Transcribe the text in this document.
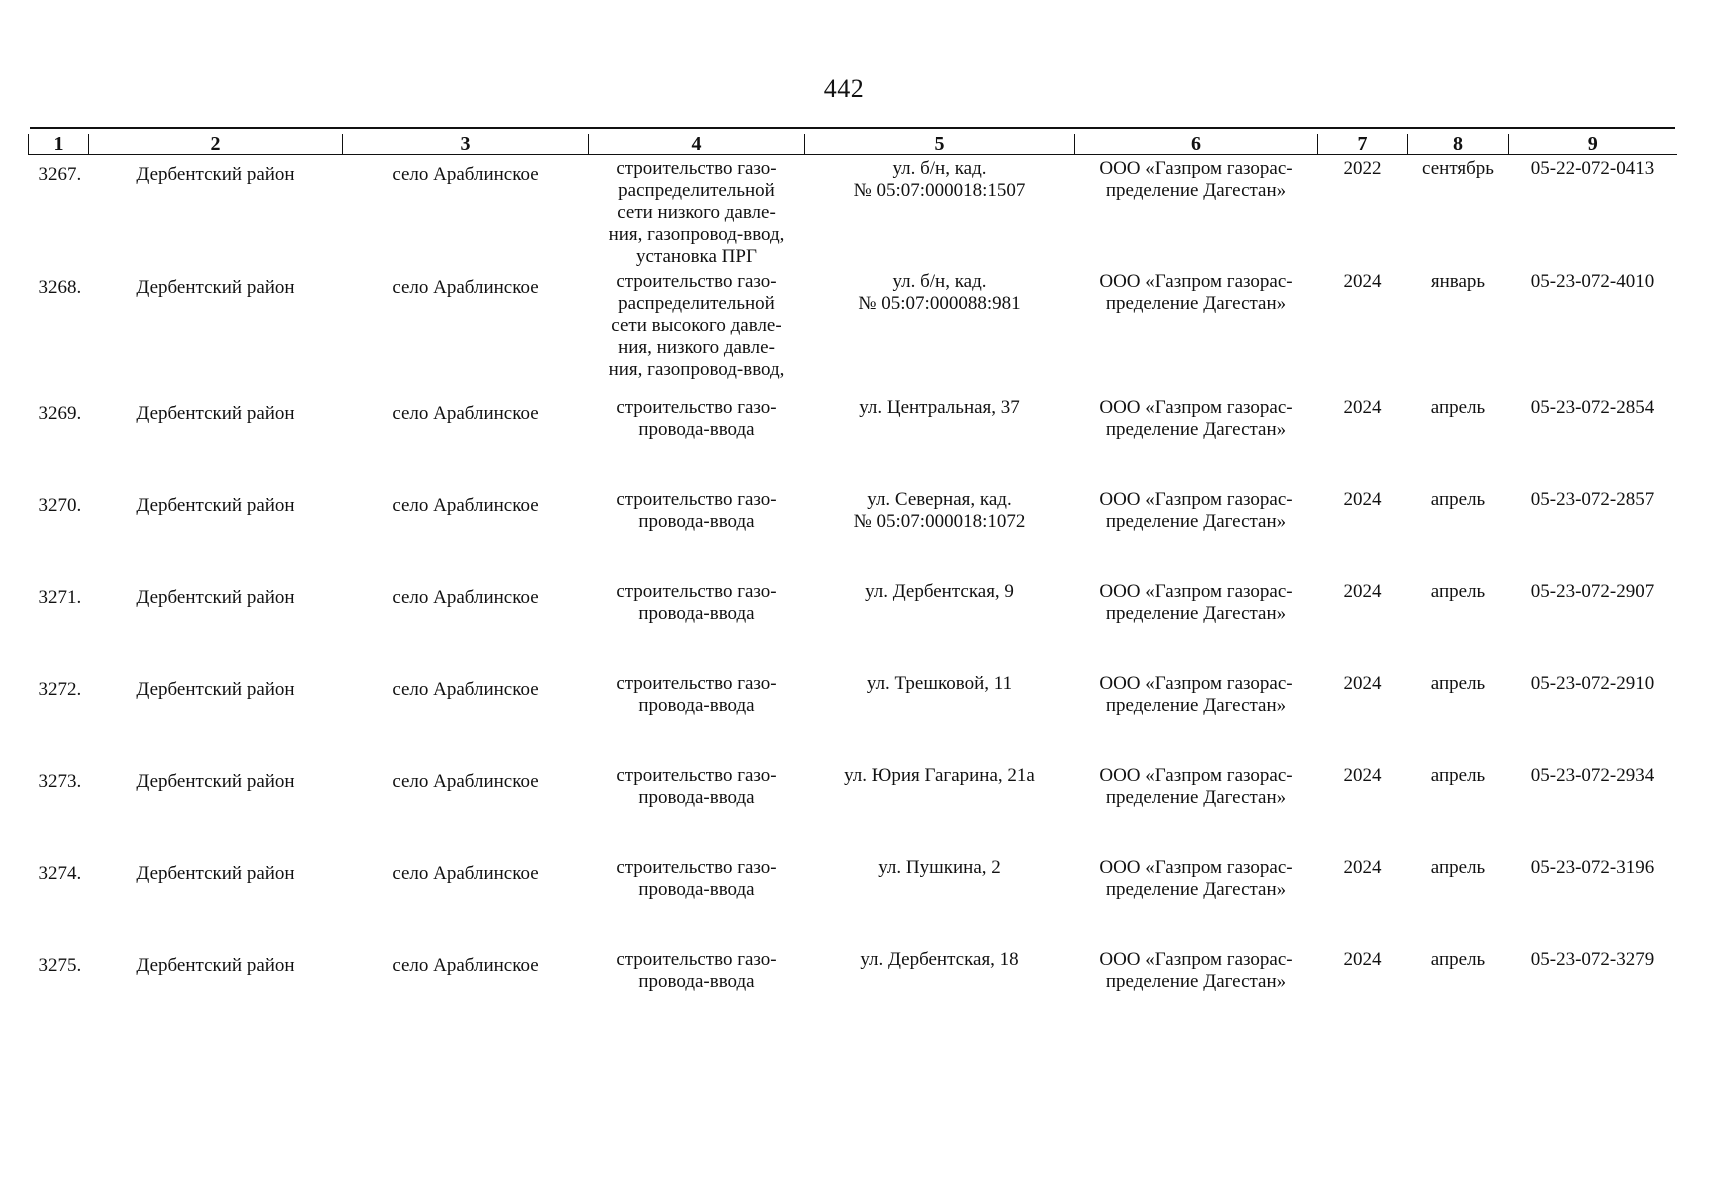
442
1	2	3	4	5	6	7	8	9

3267.	Дербентский район	село Араблинское	строительство газо-
распределительной
сети низкого давле-
ния, газопровод-ввод,
установка ПРГ	ул. б/н, кад.
№ 05:07:000018:1507	ООО «Газпром газорас-
пределение Дагестан»	2022	сентябрь	05-22-072-0413

3268.	Дербентский район	село Араблинское	строительство газо-
распределительной
сети высокого давле-
ния, низкого давле-
ния, газопровод-ввод,	ул. б/н, кад.
№ 05:07:000088:981	ООО «Газпром газорас-
пределение Дагестан»	2024	январь	05-23-072-4010

3269.	Дербентский район	село Араблинское	строительство газо-
провода-ввода	ул. Центральная, 37	ООО «Газпром газорас-
пределение Дагестан»	2024	апрель	05-23-072-2854

3270.	Дербентский район	село Араблинское	строительство газо-
провода-ввода	ул. Северная, кад.
№ 05:07:000018:1072	ООО «Газпром газорас-
пределение Дагестан»	2024	апрель	05-23-072-2857

3271.	Дербентский район	село Араблинское	строительство газо-
провода-ввода	ул. Дербентская, 9	ООО «Газпром газорас-
пределение Дагестан»	2024	апрель	05-23-072-2907

3272.	Дербентский район	село Араблинское	строительство газо-
провода-ввода	ул. Трешковой, 11	ООО «Газпром газорас-
пределение Дагестан»	2024	апрель	05-23-072-2910

3273.	Дербентский район	село Араблинское	строительство газо-
провода-ввода	ул. Юрия Гагарина, 21а	ООО «Газпром газорас-
пределение Дагестан»	2024	апрель	05-23-072-2934

3274.	Дербентский район	село Араблинское	строительство газо-
провода-ввода	ул. Пушкина, 2	ООО «Газпром газорас-
пределение Дагестан»	2024	апрель	05-23-072-3196

3275.	Дербентский район	село Араблинское	строительство газо-
провода-ввода	ул. Дербентская, 18	ООО «Газпром газорас-
пределение Дагестан»	2024	апрель	05-23-072-3279
